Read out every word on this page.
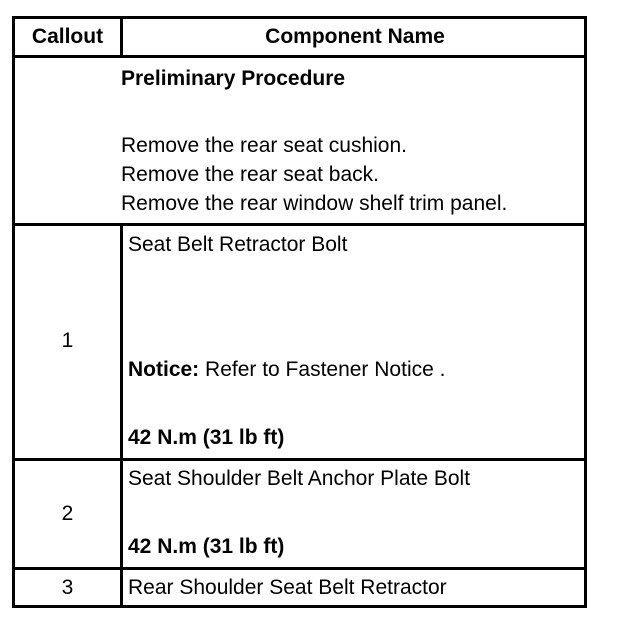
Callout	Component Name
Preliminary Procedure
Remove the rear seat cushion.
Remove the rear seat back.
Remove the rear window shelf trim panel.
1
Seat Belt Retractor Bolt
Notice: Refer to Fastener Notice .
42 N.m (31 lb ft)
2
Seat Shoulder Belt Anchor Plate Bolt
42 N.m (31 lb ft)
3	Rear Shoulder Seat Belt Retractor
